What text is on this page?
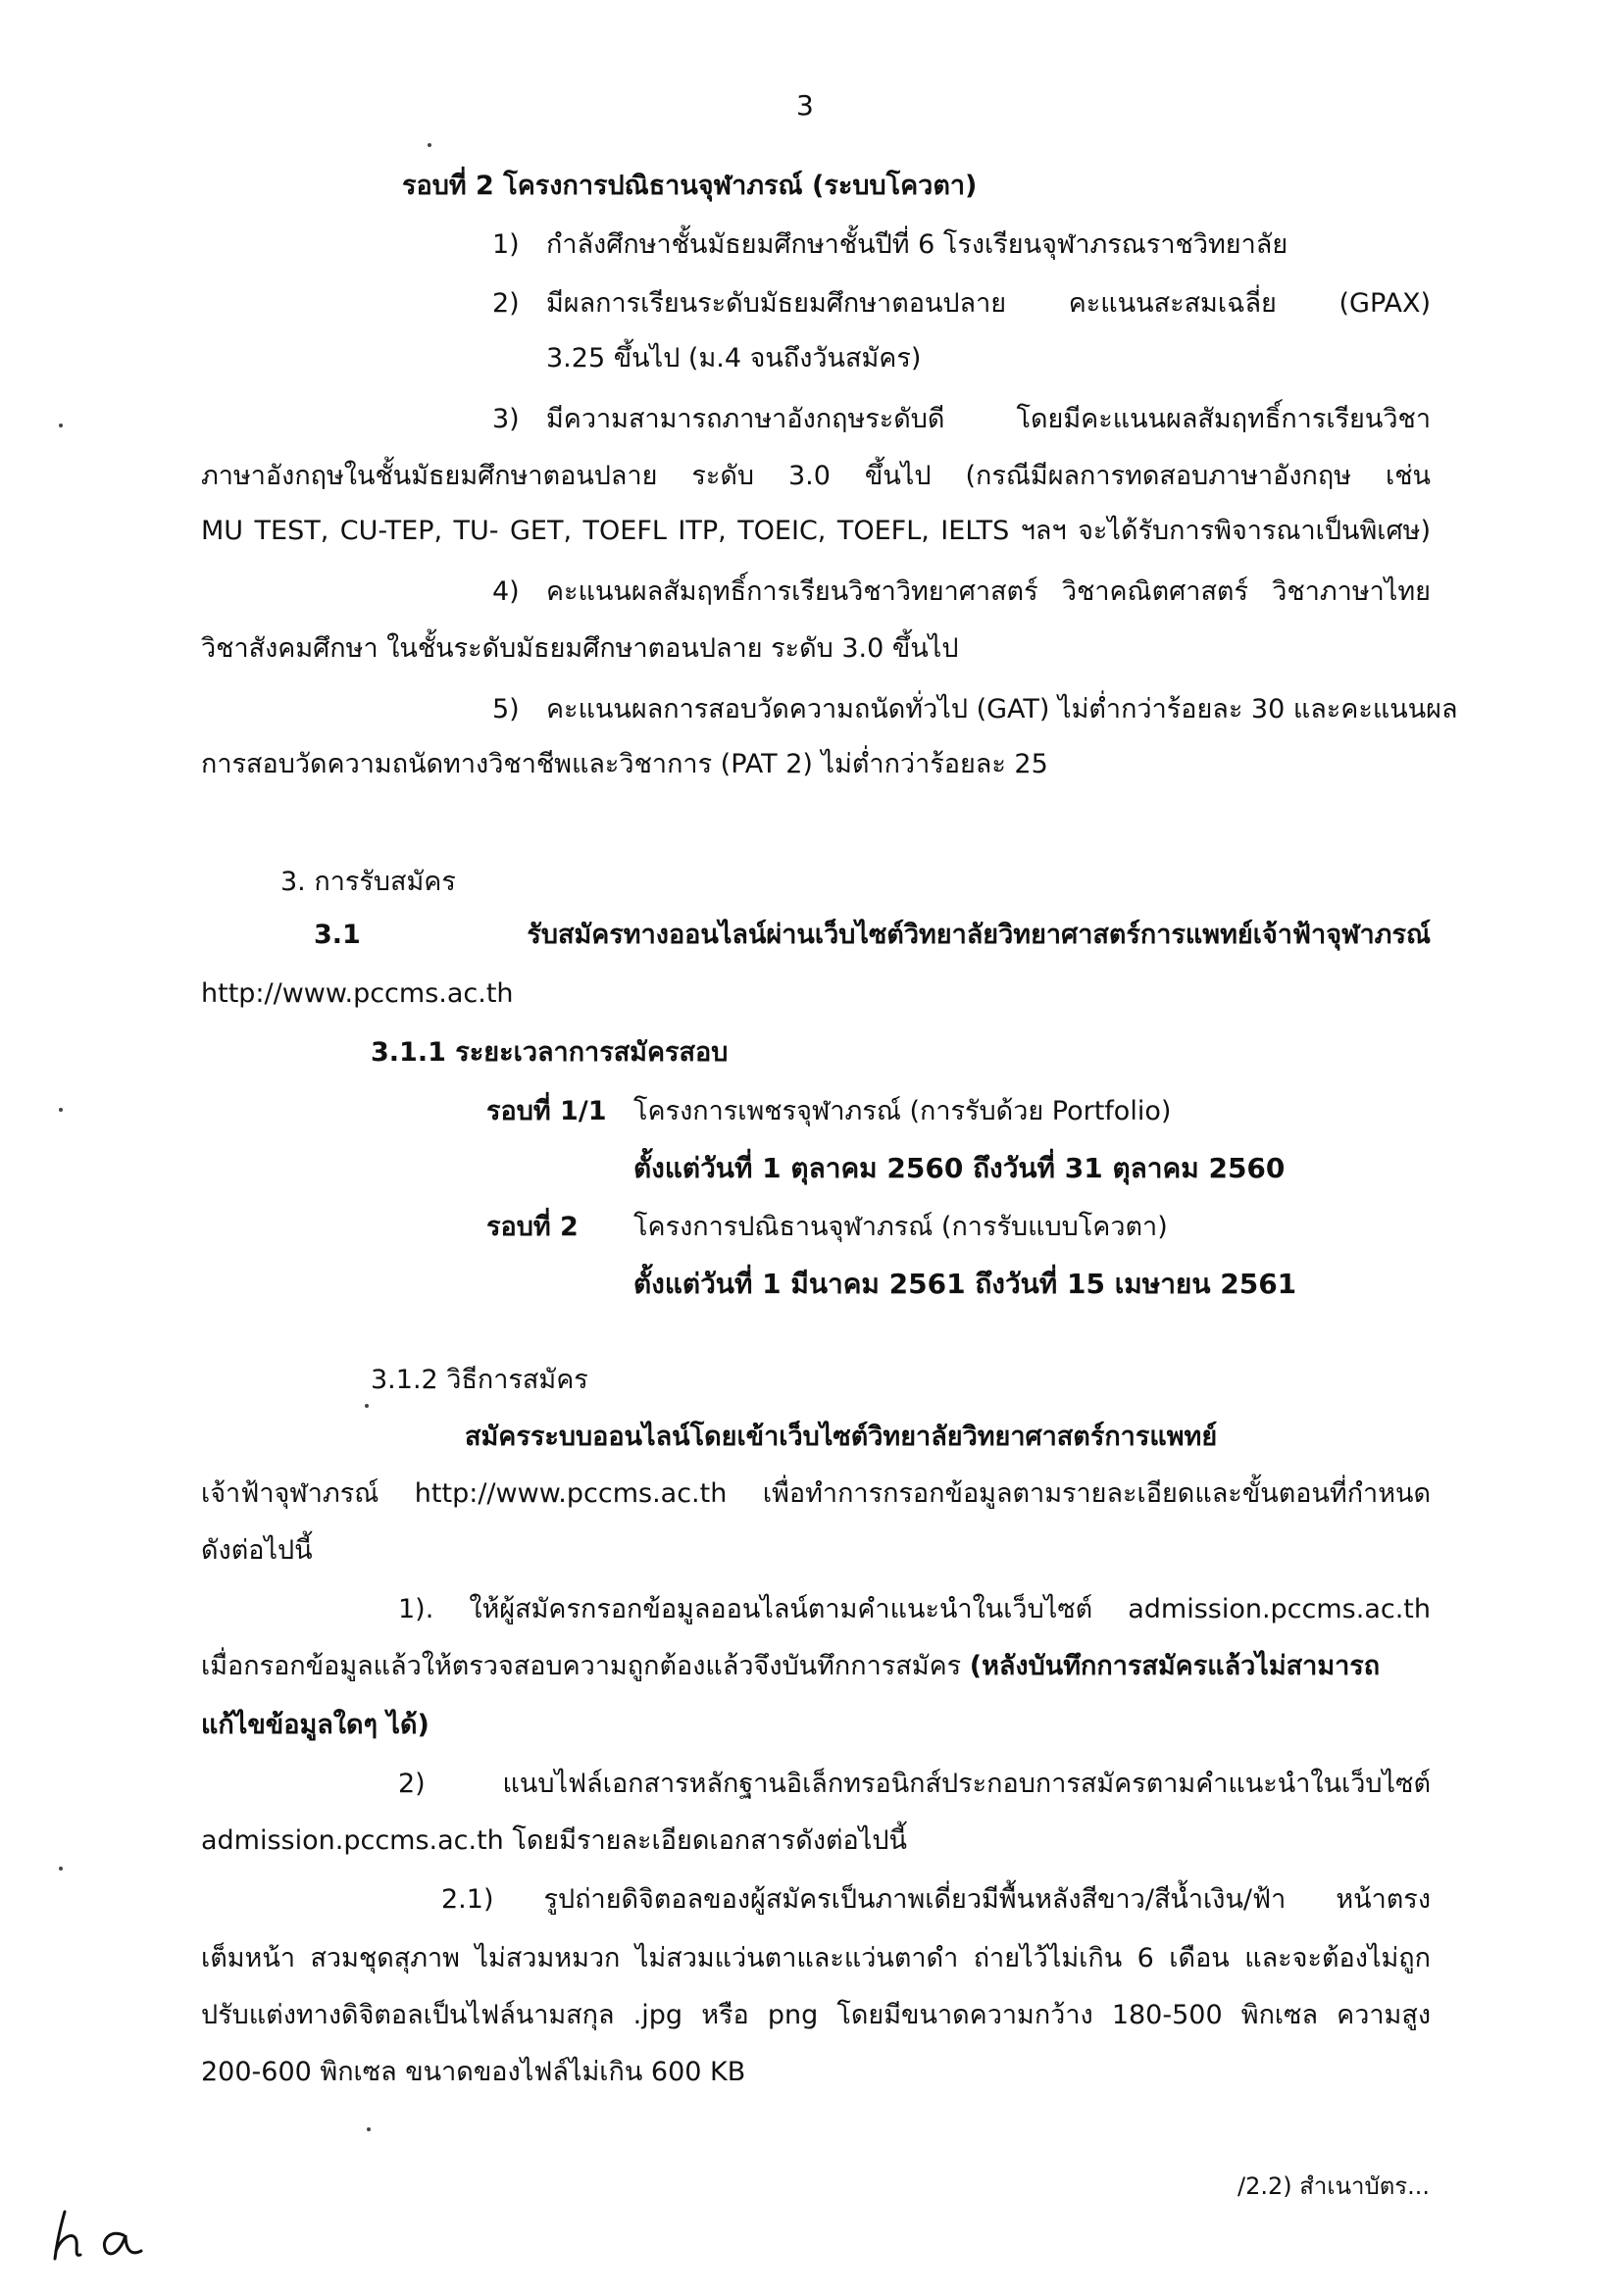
3
รอบที่ 2 โครงการปณิธานจุฬาภรณ์ (ระบบโควตา)
1) กำลังศึกษาชั้นมัธยมศึกษาชั้นปีที่ 6 โรงเรียนจุฬาภรณราชวิทยาลัย
2) มีผลการเรียนระดับมัธยมศึกษาตอนปลาย คะแนนสะสมเฉลี่ย (GPAX)
3.25 ขึ้นไป (ม.4 จนถึงวันสมัคร)
3) มีความสามารถภาษาอังกฤษระดับดี โดยมีคะแนนผลสัมฤทธิ์การเรียนวิชา
ภาษาอังกฤษในชั้นมัธยมศึกษาตอนปลาย ระดับ 3.0 ขึ้นไป (กรณีมีผลการทดสอบภาษาอังกฤษ เช่น
MU TEST, CU-TEP, TU- GET, TOEFL ITP, TOEIC, TOEFL, IELTS ฯลฯ จะได้รับการพิจารณาเป็นพิเศษ)
4) คะแนนผลสัมฤทธิ์การเรียนวิชาวิทยาศาสตร์ วิชาคณิตศาสตร์ วิชาภาษาไทย
วิชาสังคมศึกษา ในชั้นระดับมัธยมศึกษาตอนปลาย ระดับ 3.0 ขึ้นไป
5) คะแนนผลการสอบวัดความถนัดทั่วไป (GAT) ไม่ต่ำกว่าร้อยละ 30 และคะแนนผล
การสอบวัดความถนัดทางวิชาชีพและวิชาการ (PAT 2) ไม่ต่ำกว่าร้อยละ 25
3. การรับสมัคร
3.1 รับสมัครทางออนไลน์ผ่านเว็บไซต์วิทยาลัยวิทยาศาสตร์การแพทย์เจ้าฟ้าจุฬาภรณ์
http://www.pccms.ac.th
3.1.1 ระยะเวลาการสมัครสอบ
รอบที่ 1/1 โครงการเพชรจุฬาภรณ์ (การรับด้วย Portfolio)
ตั้งแต่วันที่ 1 ตุลาคม 2560 ถึงวันที่ 31 ตุลาคม 2560
รอบที่ 2 โครงการปณิธานจุฬาภรณ์ (การรับแบบโควตา)
ตั้งแต่วันที่ 1 มีนาคม 2561 ถึงวันที่ 15 เมษายน 2561
3.1.2 วิธีการสมัคร
สมัครระบบออนไลน์โดยเข้าเว็บไซต์วิทยาลัยวิทยาศาสตร์การแพทย์
เจ้าฟ้าจุฬาภรณ์ http://www.pccms.ac.th เพื่อทำการกรอกข้อมูลตามรายละเอียดและขั้นตอนที่กำหนด
ดังต่อไปนี้
1). ให้ผู้สมัครกรอกข้อมูลออนไลน์ตามคำแนะนำในเว็บไซต์ admission.pccms.ac.th
เมื่อกรอกข้อมูลแล้วให้ตรวจสอบความถูกต้องแล้วจึงบันทึกการสมัคร (หลังบันทึกการสมัครแล้วไม่สามารถ
แก้ไขข้อมูลใดๆ ได้)
2) แนบไฟล์เอกสารหลักฐานอิเล็กทรอนิกส์ประกอบการสมัครตามคำแนะนำในเว็บไซต์
admission.pccms.ac.th โดยมีรายละเอียดเอกสารดังต่อไปนี้
2.1) รูปถ่ายดิจิตอลของผู้สมัครเป็นภาพเดี่ยวมีพื้นหลังสีขาว/สีน้ำเงิน/ฟ้า หน้าตรง
เต็มหน้า สวมชุดสุภาพ ไม่สวมหมวก ไม่สวมแว่นตาและแว่นตาดำ ถ่ายไว้ไม่เกิน 6 เดือน และจะต้องไม่ถูก
ปรับแต่งทางดิจิตอลเป็นไฟล์นามสกุล .jpg หรือ png โดยมีขนาดความกว้าง 180-500 พิกเซล ความสูง
200-600 พิกเซล ขนาดของไฟล์ไม่เกิน 600 KB
/2.2) สำเนาบัตร...
